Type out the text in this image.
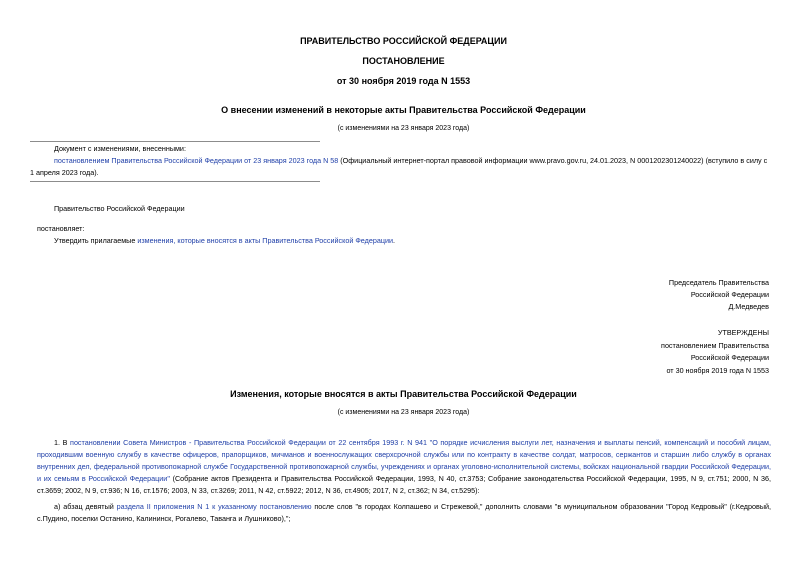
ПРАВИТЕЛЬСТВО РОССИЙСКОЙ ФЕДЕРАЦИИ
ПОСТАНОВЛЕНИЕ
от 30 ноября 2019 года N 1553
О внесении изменений в некоторые акты Правительства Российской Федерации
(с изменениями на 23 января 2023 года)
Документ с изменениями, внесенными:
постановлением Правительства Российской Федерации от 23 января 2023 года N 58 (Официальный интернет-портал правовой информации www.pravo.gov.ru, 24.01.2023, N 0001202301240022) (вступило в силу с 1 апреля 2023 года).
Правительство Российской Федерации
постановляет:
Утвердить прилагаемые изменения, которые вносятся в акты Правительства Российской Федерации.
Председатель Правительства
Российской Федерации
Д.Медведев
УТВЕРЖДЕНЫ
постановлением Правительства
Российской Федерации
от 30 ноября 2019 года N 1553
Изменения, которые вносятся в акты Правительства Российской Федерации
(с изменениями на 23 января 2023 года)
1. В постановлении Совета Министров - Правительства Российской Федерации от 22 сентября 1993 г. N 941 "О порядке исчисления выслуги лет, назначения и выплаты пенсий, компенсаций и пособий лицам, проходившим военную службу в качестве офицеров, прапорщиков, мичманов и военнослужащих сверхсрочной службы или по контракту в качестве солдат, матросов, сержантов и старшин либо службу в органах внутренних дел, федеральной противопожарной службе Государственной противопожарной службы, учреждениях и органах уголовно-исполнительной системы, войсках национальной гвардии Российской Федерации, и их семьям в Российской Федерации" (Собрание актов Президента и Правительства Российской Федерации, 1993, N 40, ст.3753; Собрание законодательства Российской Федерации, 1995, N 9, ст.751; 2000, N 36, ст.3659; 2002, N 9, ст.936; N 16, ст.1576; 2003, N 33, ст.3269; 2011, N 42, ст.5922; 2012, N 36, ст.4905; 2017, N 2, ст.362; N 34, ст.5295):
а) абзац девятый раздела II приложения N 1 к указанному постановлению после слов "в городах Колпашево и Стрежевой," дополнить словами "в муниципальном образовании "Город Кедровый" (г.Кедровый, с.Пудино, поселки Останино, Калининск, Рогалево, Таванга и Лушниково),";
